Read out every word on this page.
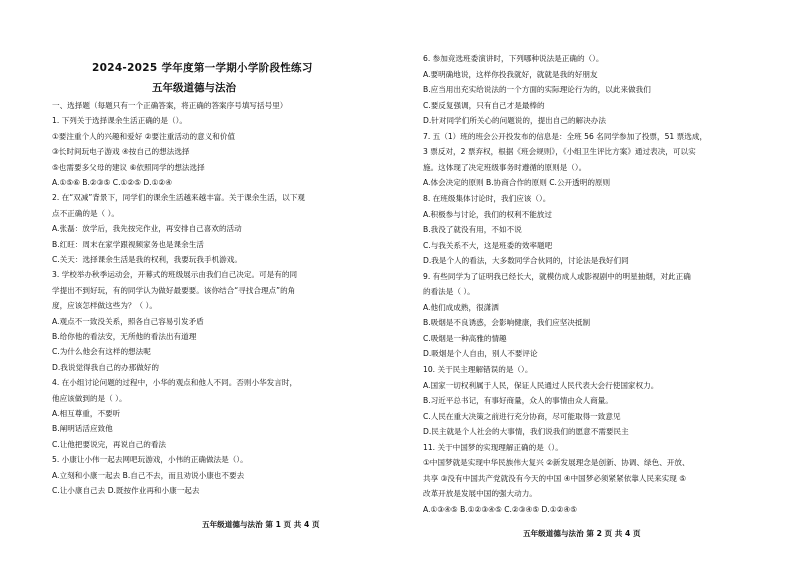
2024-2025 学年度第一学期小学阶段性练习
五年级道德与法治
一、选择题（每题只有一个正确答案，将正确的答案序号填写括号里）
1. 下列关于选择课余生活正确的是（）。
①要注重个人的兴趣和爱好 ②要注重活动的意义和价值
③长时间玩电子游戏 ④按自己的想法选择
⑤也需要多父母的建议 ⑥依照同学的想法选择
A.①⑤⑥ B.②③⑤ C.①②⑤ D.①②④
2. 在“双减”背景下，同学们的课余生活越来越丰富。关于课余生活，以下观
点不正确的是（ ）。
A.张磊：放学后，我先按完作业，再安排自己喜欢的活动
B.红旺：周末在家学跟视频家务也是课余生活
C.关天：选择课余生活是我的权利，我要玩我手机游戏。
3. 学校举办秋季运动会，开幕式的班级展示由我们自己决定。可是有的同
学提出不到好玩，有的同学认为做好最要要。该你结合“寻找合理点”的角
度，应该怎样做这些为？（ ）。
A.观点不一致没关系，照各自己容易引发矛盾
B.给你他的看法安，无所他的看法出有道理
C.为什么他会有这样的想法呢
D.我说觉得我自己的办那做好的
4. 在小组讨论问题的过程中，小华的观点和他人不同。否则小华发言时，
他应该做到的是（ ）。
A.相互尊重，不要听
B.阐明话活应致他
C.让他把要说完，再说自己的看法
5. 小康让小伟一起去网吧玩游戏，小伟的正确做法是（）。
A.立刻和小康一起去 B.自己不去，而且劝说小康也不要去
C.让小康自己去 D.既按作业再和小康一起去
五年级道德与法治 第 1 页 共 4 页
6. 参加竞选班委演讲时，下列哪种说法是正确的（）。
A.要明确地说，这样你投我就好，就就是我的好朋友
B.应当用出充实给说法的一个方面的实际理论行为的，以此来做我们
C.要反复强调，只有自己才是最棒的
D.针对同学们所关心的问题说的，提出自己的解决办法
7. 五（1）班的班会公开投发布的信息是：全班 56 名同学参加了投票，51 票选成，
3 票反对，2 票弃权，根据《班会规则》，《小组卫生评比方案》通过表决，可以实
施。这体现了决定班级事务时遵循的原则是（）。
A.体会决定的原则 B.协商合作的原则 C.公开透明的原则
8. 在班级集体讨论时，我们应该（）。
A.积极参与讨论，我们的权利不能放过
B.我没了就没有用，不如不说
C.与我关系不大，这是班委的效率题吧
D.我是个人的看法，大多数同学合伙同的，讨论法是我好们同
9. 有些同学为了证明我已经长大，就模仿成人或影视剧中的明星抽烟，对此正确
的看法是（ ）。
A.他们成成熟，很潇洒
B.吸烟是不良诱惑，会影响健康，我们应坚决抵制
C.吸烟是一种高雅的情趣
D.吸烟是个人自由，别人不要评论
10. 关于民主理解错误的是（）。
A.国家一切权利属于人民，保证人民通过人民代表大会行使国家权力。
B.习近平总书记，有事好商量，众人的事情由众人商量。
C.人民在重大决策之前进行充分协商，尽可能取得一致意见
D.民主就是个人社会的大事情，我们说我们的愿意不需要民主
11. 关于中国梦的实现理解正确的是（）。
①中国梦就是实现中华民族伟大复兴 ②新发展理念是创新、协调、绿色、开放、
共享 ③没有中国共产党就没有今天的中国 ④中国梦必须紧紧依靠人民来实现 ⑤
改革开放是发展中国的强大动力。
A.①③④⑤ B.①②③④⑤ C.②③④⑤ D.①②④⑤
五年级道德与法治 第 2 页 共 4 页
